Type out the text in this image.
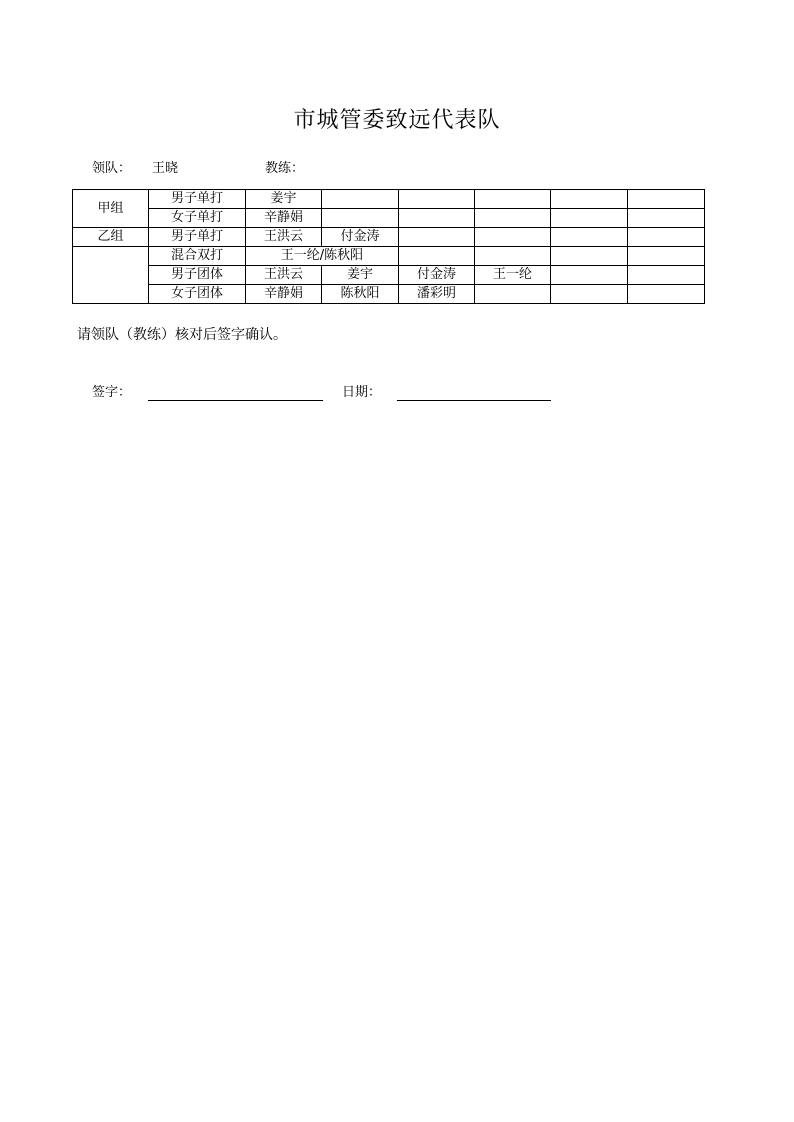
市城管委致远代表队
领队： 王晓	教练：
甲组	男子单打	姜宇					
	女子单打	辛静娟					
乙组	男子单打	王洪云	付金涛				
	混合双打	王一纶/陈秋阳					
	男子团体	王洪云	姜宇	付金涛	王一纶		
	女子团体	辛静娟	陈秋阳	潘彩明			
请领队（教练）核对后签字确认。
签字：	日期：
